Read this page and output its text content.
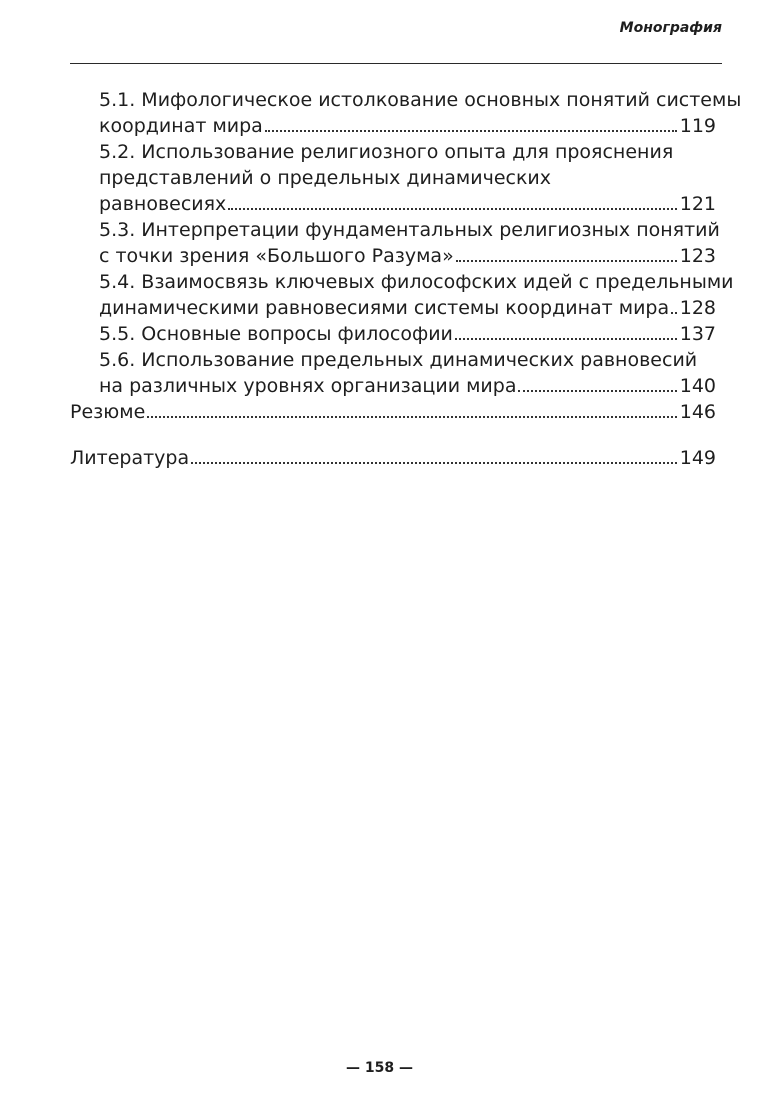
Монография
5.1. Мифологическое истолкование основных понятий системы
координат мира	119
5.2. Использование религиозного опыта для прояснения
представлений о предельных динамических
равновесиях	121
5.3. Интерпретации фундаментальных религиозных понятий
с точки зрения «Большого Разума»	123
5.4. Взаимосвязь ключевых философских идей с предельными
динамическими равновесиями системы координат мира 128
5.5. Основные вопросы философии	137
5.6. Использование предельных динамических равновесий
на различных уровнях организации мира	140
Резюме	146
Литература	149
— 158 —
